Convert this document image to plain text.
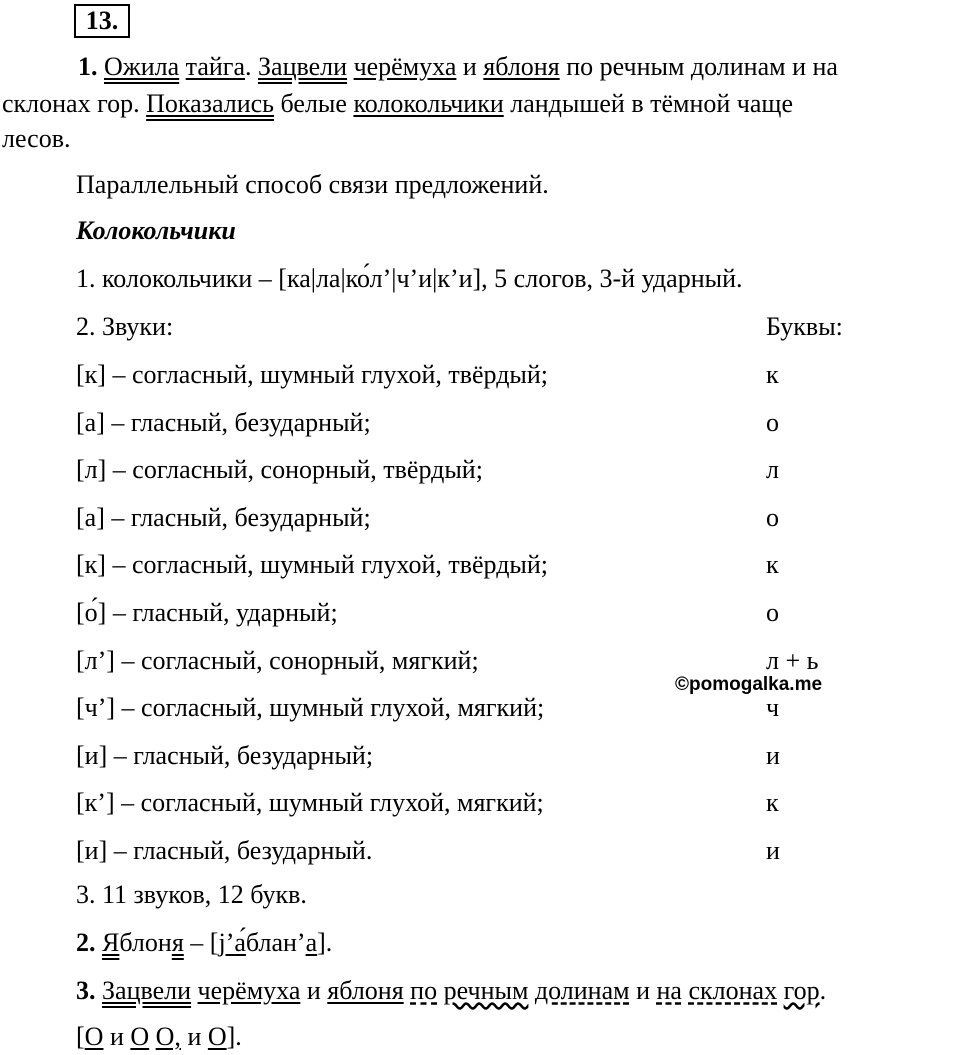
13.
1. Ожила тайга. Зацвели черёмуха и яблоня по речным долинам и на
склонах гор. Показались белые колокольчики ландышей в тёмной чаще
лесов.
Параллельный способ связи предложений.
Колокольчики
1. колокольчики – [ка|ла|ко́л’|ч’и|к’и], 5 слогов, 3-й ударный.
2. Звуки:	Буквы:
[к] – согласный, шумный глухой, твёрдый;	к
[а] – гласный, безударный;	о
[л] – согласный, сонорный, твёрдый;	л
[а] – гласный, безударный;	о
[к] – согласный, шумный глухой, твёрдый;	к
[о́] – гласный, ударный;	о
[л’] – согласный, сонорный, мягкий;	л + ь
[ч’] – согласный, шумный глухой, мягкий;	ч
[и] – гласный, безударный;	и
[к’] – согласный, шумный глухой, мягкий;	к
[и] – гласный, безударный.	и
3. 11 звуков, 12 букв.
2. Яблоня – [j’а́блан’а].
3. Зацвели черёмуха и яблоня по речным долинам и на склонах гор.
[О и О О, и О].
©pomogalka.me
